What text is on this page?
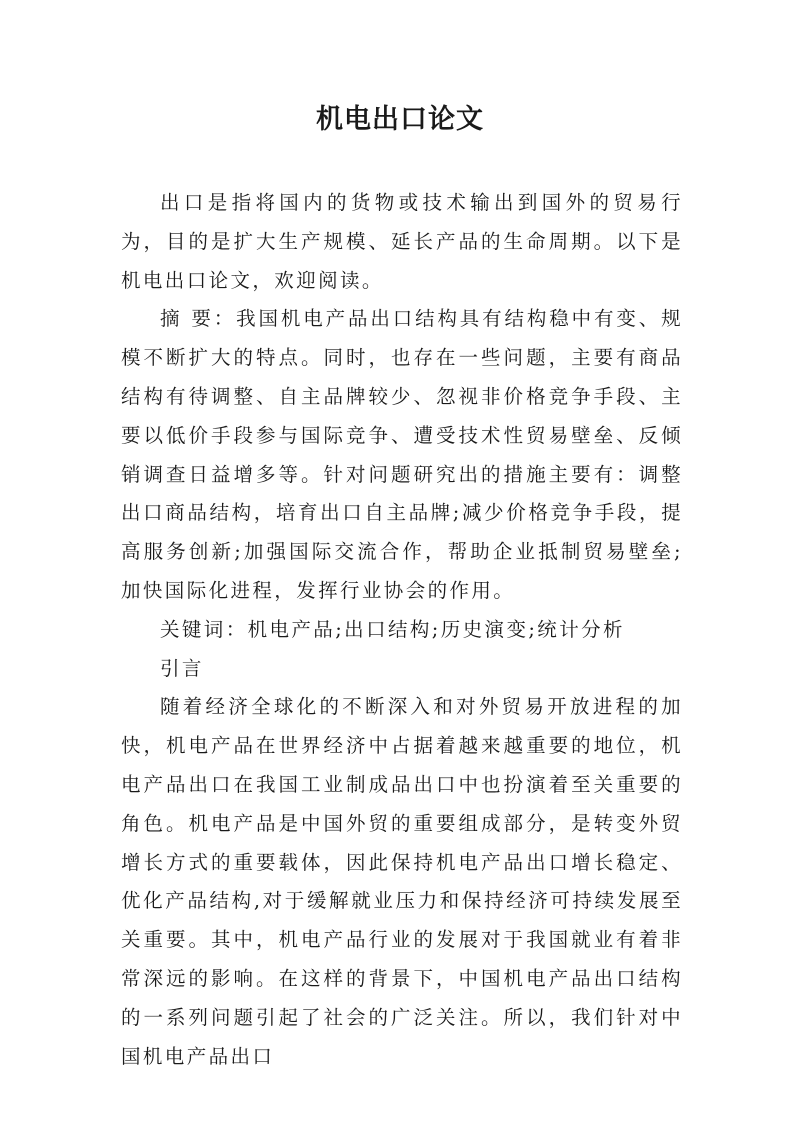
机电出口论文

出口是指将国内的货物或技术输出到国外的贸易行为，目的是扩大生产规模、延长产品的生命周期。以下是机电出口论文，欢迎阅读。

摘 要：我国机电产品出口结构具有结构稳中有变、规模不断扩大的特点。同时，也存在一些问题，主要有商品结构有待调整、自主品牌较少、忽视非价格竞争手段、主要以低价手段参与国际竞争、遭受技术性贸易壁垒、反倾销调查日益增多等。针对问题研究出的措施主要有：调整出口商品结构，培育出口自主品牌;减少价格竞争手段，提高服务创新;加强国际交流合作，帮助企业抵制贸易壁垒;加快国际化进程，发挥行业协会的作用。

关键词：机电产品;出口结构;历史演变;统计分析

引言

随着经济全球化的不断深入和对外贸易开放进程的加快，机电产品在世界经济中占据着越来越重要的地位，机电产品出口在我国工业制成品出口中也扮演着至关重要的角色。机电产品是中国外贸的重要组成部分，是转变外贸增长方式的重要载体，因此保持机电产品出口增长稳定、优化产品结构,对于缓解就业压力和保持经济可持续发展至关重要。其中，机电产品行业的发展对于我国就业有着非常深远的影响。在这样的背景下，中国机电产品出口结构的一系列问题引起了社会的广泛关注。所以，我们针对中国机电产品出口
